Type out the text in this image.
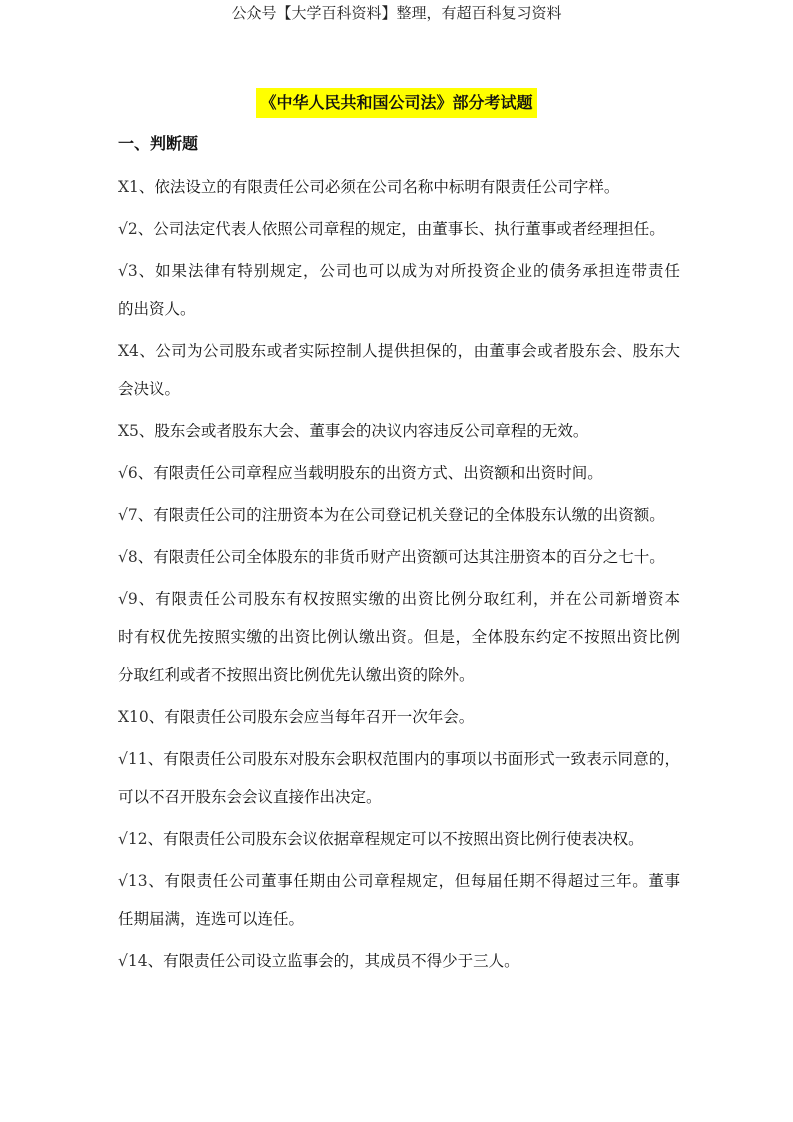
公众号【大学百科资料】整理，有超百科复习资料
《中华人民共和国公司法》部分考试题
一、判断题
X1、依法设立的有限责任公司必须在公司名称中标明有限责任公司字样。
√2、公司法定代表人依照公司章程的规定，由董事长、执行董事或者经理担任。
√3、如果法律有特别规定，公司也可以成为对所投资企业的债务承担连带责任
的出资人。
X4、公司为公司股东或者实际控制人提供担保的，由董事会或者股东会、股东大
会决议。
X5、股东会或者股东大会、董事会的决议内容违反公司章程的无效。
√6、有限责任公司章程应当载明股东的出资方式、出资额和出资时间。
√7、有限责任公司的注册资本为在公司登记机关登记的全体股东认缴的出资额。
√8、有限责任公司全体股东的非货币财产出资额可达其注册资本的百分之七十。
√9、有限责任公司股东有权按照实缴的出资比例分取红利，并在公司新增资本
时有权优先按照实缴的出资比例认缴出资。但是，全体股东约定不按照出资比例
分取红利或者不按照出资比例优先认缴出资的除外。
X10、有限责任公司股东会应当每年召开一次年会。
√11、有限责任公司股东对股东会职权范围内的事项以书面形式一致表示同意的，
可以不召开股东会会议直接作出决定。
√12、有限责任公司股东会议依据章程规定可以不按照出资比例行使表决权。
√13、有限责任公司董事任期由公司章程规定，但每届任期不得超过三年。董事
任期届满，连选可以连任。
√14、有限责任公司设立监事会的，其成员不得少于三人。
